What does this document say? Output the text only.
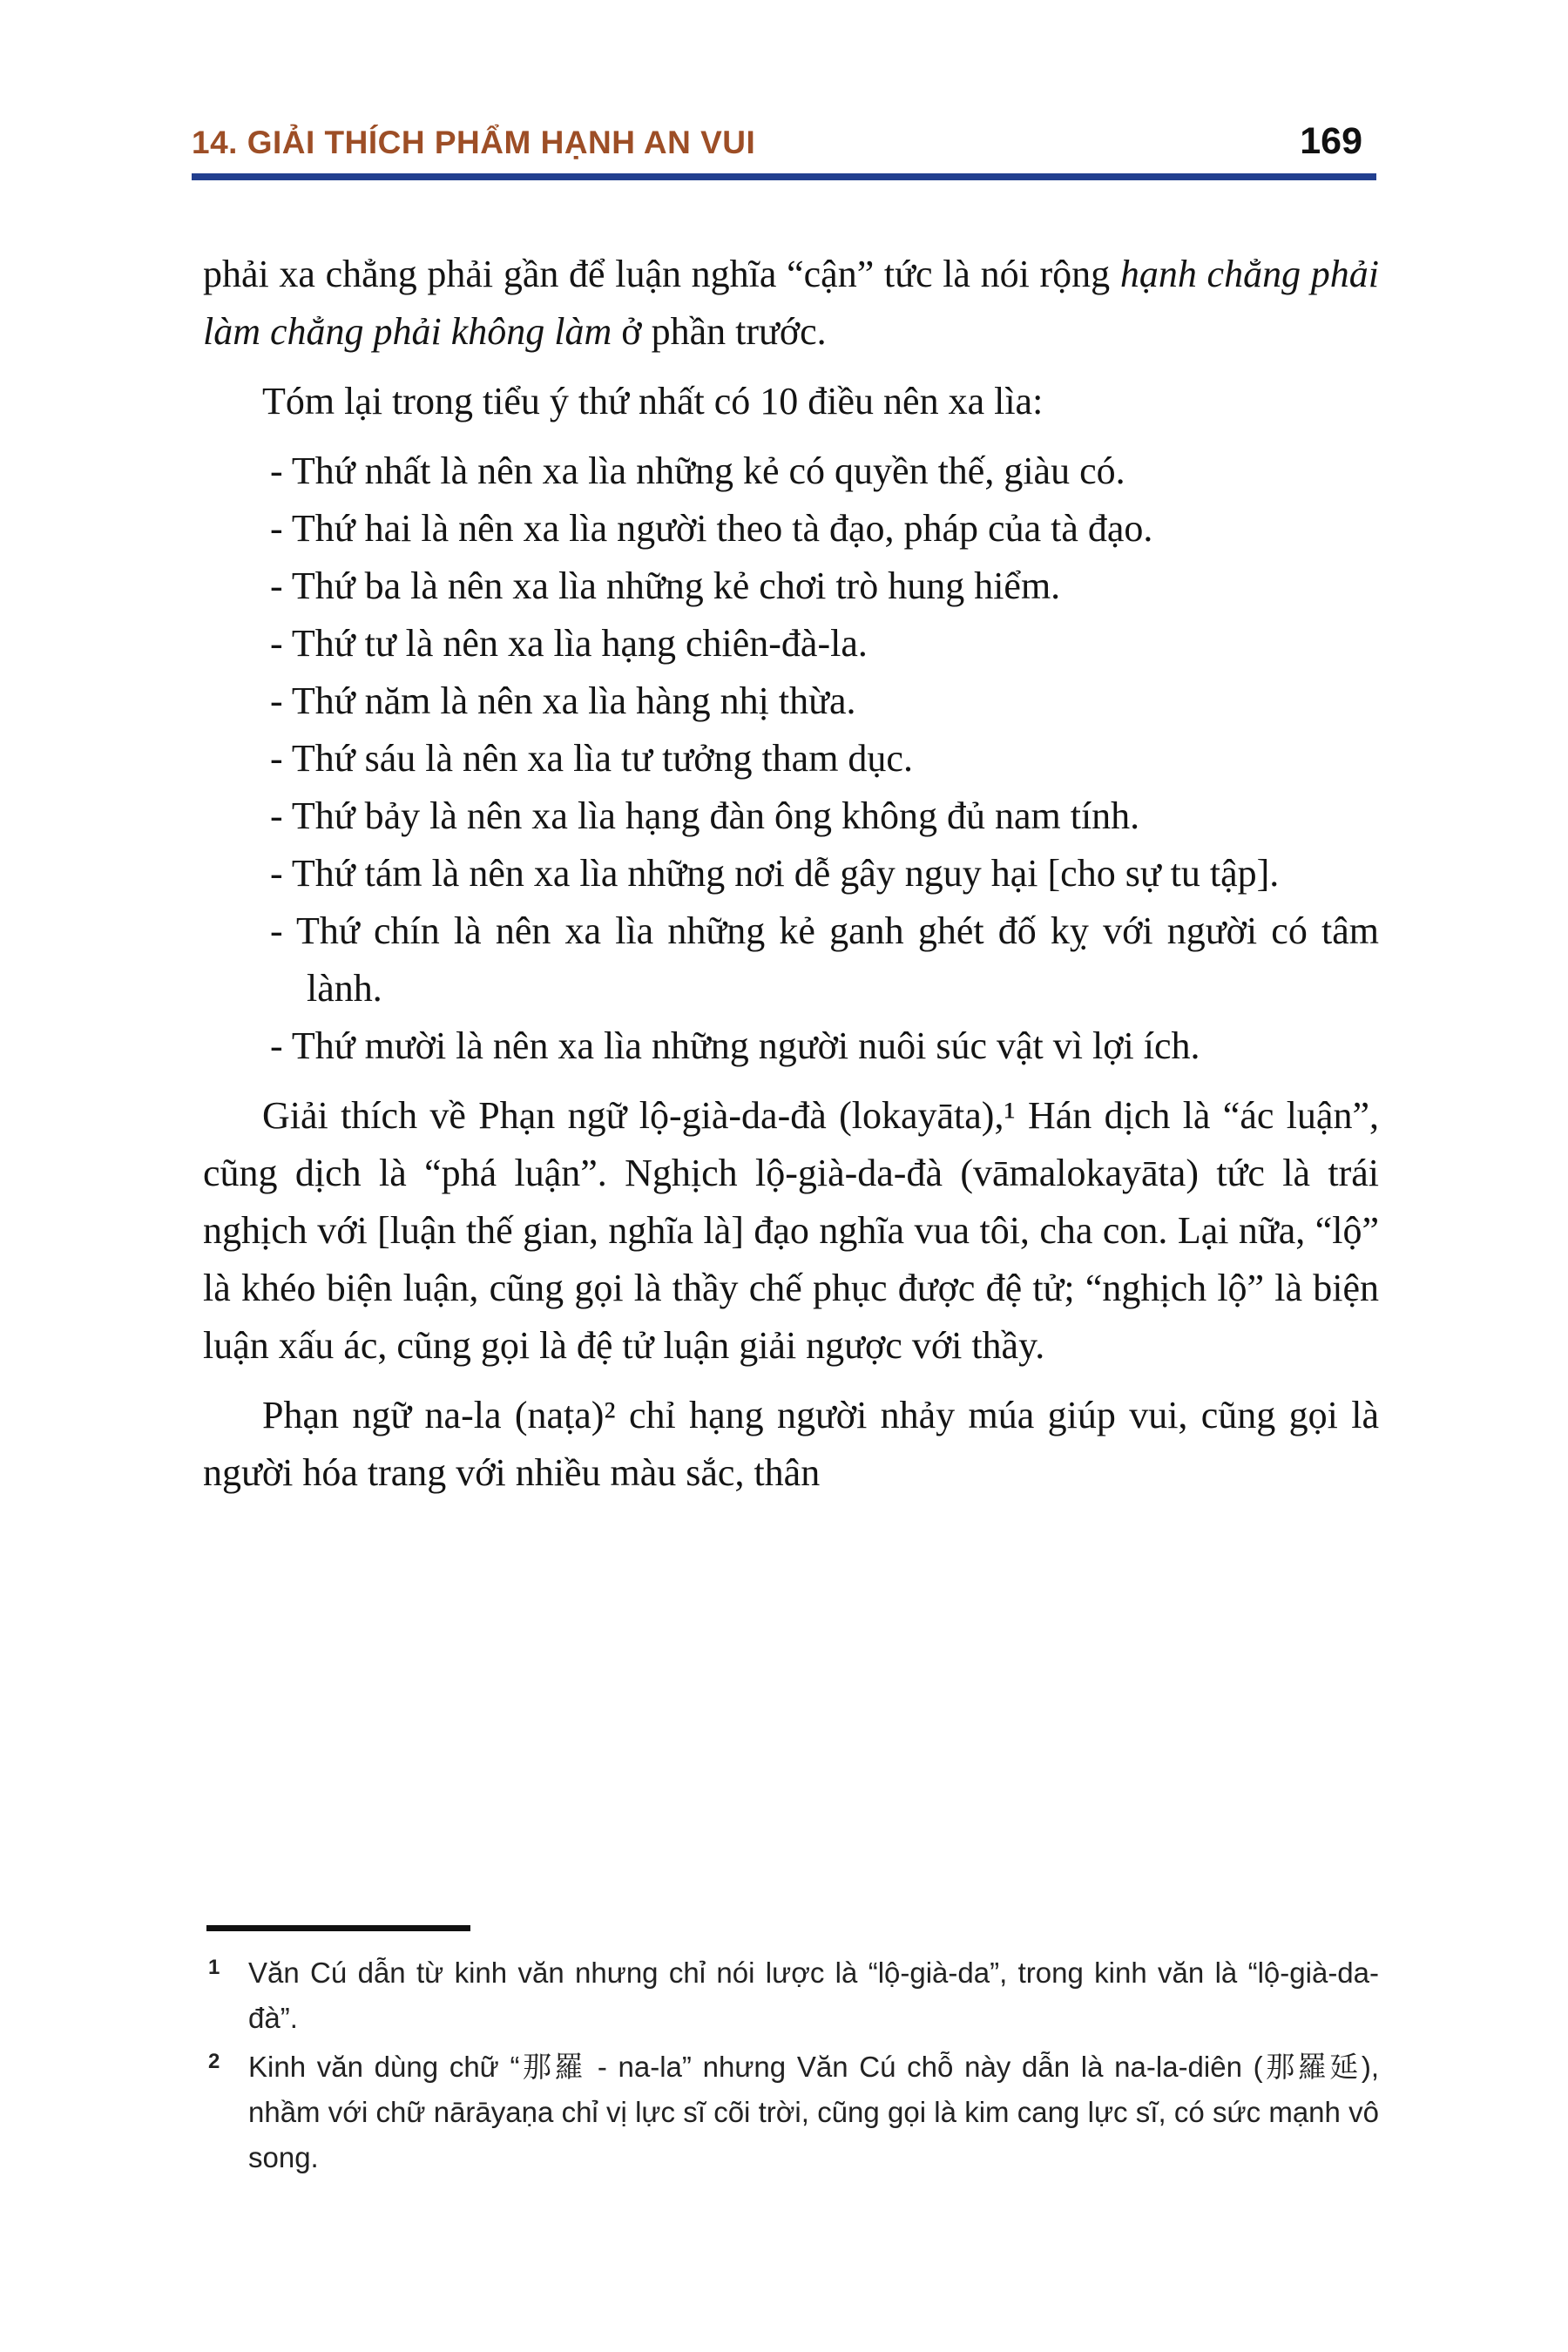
14. GIẢI THÍCH PHẨM HẠNH AN VUI	169

phải xa chẳng phải gần để luận nghĩa “cận” tức là nói rộng hạnh chẳng phải làm chẳng phải không làm ở phần trước.

Tóm lại trong tiểu ý thứ nhất có 10 điều nên xa lìa:

- Thứ nhất là nên xa lìa những kẻ có quyền thế, giàu có.
- Thứ hai là nên xa lìa người theo tà đạo, pháp của tà đạo.
- Thứ ba là nên xa lìa những kẻ chơi trò hung hiểm.
- Thứ tư là nên xa lìa hạng chiên-đà-la.
- Thứ năm là nên xa lìa hàng nhị thừa.
- Thứ sáu là nên xa lìa tư tưởng tham dục.
- Thứ bảy là nên xa lìa hạng đàn ông không đủ nam tính.
- Thứ tám là nên xa lìa những nơi dễ gây nguy hại [cho sự tu tập].
- Thứ chín là nên xa lìa những kẻ ganh ghét đố kỵ với người có tâm lành.
- Thứ mười là nên xa lìa những người nuôi súc vật vì lợi ích.

Giải thích về Phạn ngữ lộ-già-da-đà (lokayāta),¹ Hán dịch là “ác luận”, cũng dịch là “phá luận”. Nghịch lộ-già-da-đà (vāmalokayāta) tức là trái nghịch với [luận thế gian, nghĩa là] đạo nghĩa vua tôi, cha con. Lại nữa, “lộ” là khéo biện luận, cũng gọi là thầy chế phục được đệ tử; “nghịch lộ” là biện luận xấu ác, cũng gọi là đệ tử luận giải ngược với thầy.

Phạn ngữ na-la (naṭa)² chỉ hạng người nhảy múa giúp vui, cũng gọi là người hóa trang với nhiều màu sắc, thân

1 Văn Cú dẫn từ kinh văn nhưng chỉ nói lược là “lộ-già-da”, trong kinh văn là “lộ-già-da-đà”.
2 Kinh văn dùng chữ “那羅 - na-la” nhưng Văn Cú chỗ này dẫn là na-la-diên (那羅延), nhầm với chữ nārāyaṇa chỉ vị lực sĩ cõi trời, cũng gọi là kim cang lực sĩ, có sức mạnh vô song.
